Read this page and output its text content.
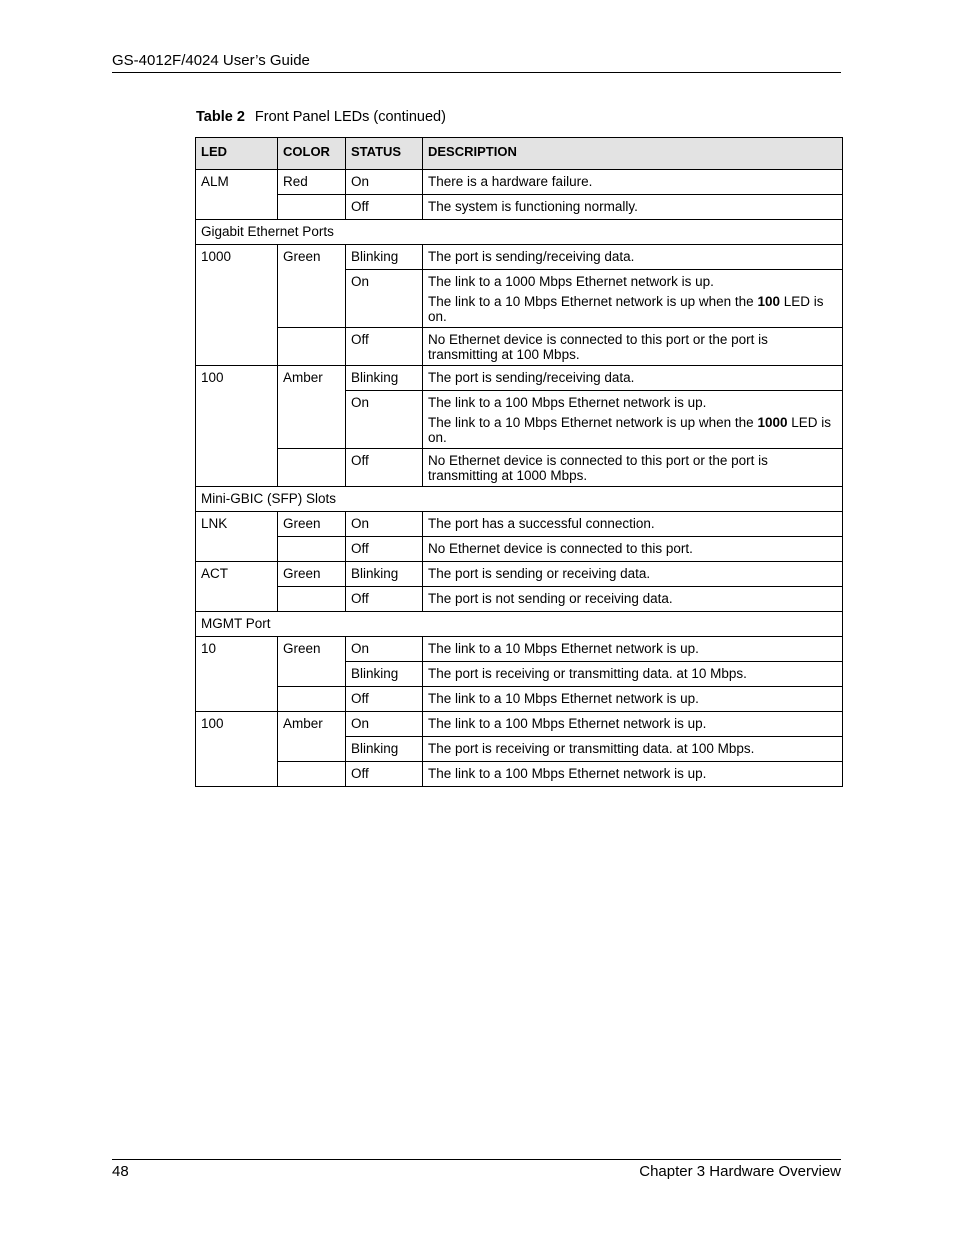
GS-4012F/4024 User’s Guide
Table 2 Front Panel LEDs (continued)
LED	COLOR	STATUS	DESCRIPTION
ALM	Red	On	There is a hardware failure.
		Off	The system is functioning normally.
Gigabit Ethernet Ports			
1000	Green	Blinking	The port is sending/receiving data.
		On	The link to a 1000 Mbps Ethernet network is up.
The link to a 10 Mbps Ethernet network is up when the 100 LED is on.

		Off	No Ethernet device is connected to this port or the port is transmitting at 100 Mbps.
100	Amber	Blinking	The port is sending/receiving data.
		On	The link to a 100 Mbps Ethernet network is up.
The link to a 10 Mbps Ethernet network is up when the 1000 LED is on.

		Off	No Ethernet device is connected to this port or the port is transmitting at 1000 Mbps.
Mini-GBIC (SFP) Slots			
LNK	Green	On	The port has a successful connection.
		Off	No Ethernet device is connected to this port.
ACT	Green	Blinking	The port is sending or receiving data.
		Off	The port is not sending or receiving data.
MGMT Port			
10	Green	On	The link to a 10 Mbps Ethernet network is up.
		Blinking	The port is receiving or transmitting data. at 10 Mbps.
		Off	The link to a 10 Mbps Ethernet network is up.
100	Amber	On	The link to a 100 Mbps Ethernet network is up.
		Blinking	The port is receiving or transmitting data. at 100 Mbps.
		Off	The link to a 100 Mbps Ethernet network is up.
48	Chapter 3 Hardware Overview
